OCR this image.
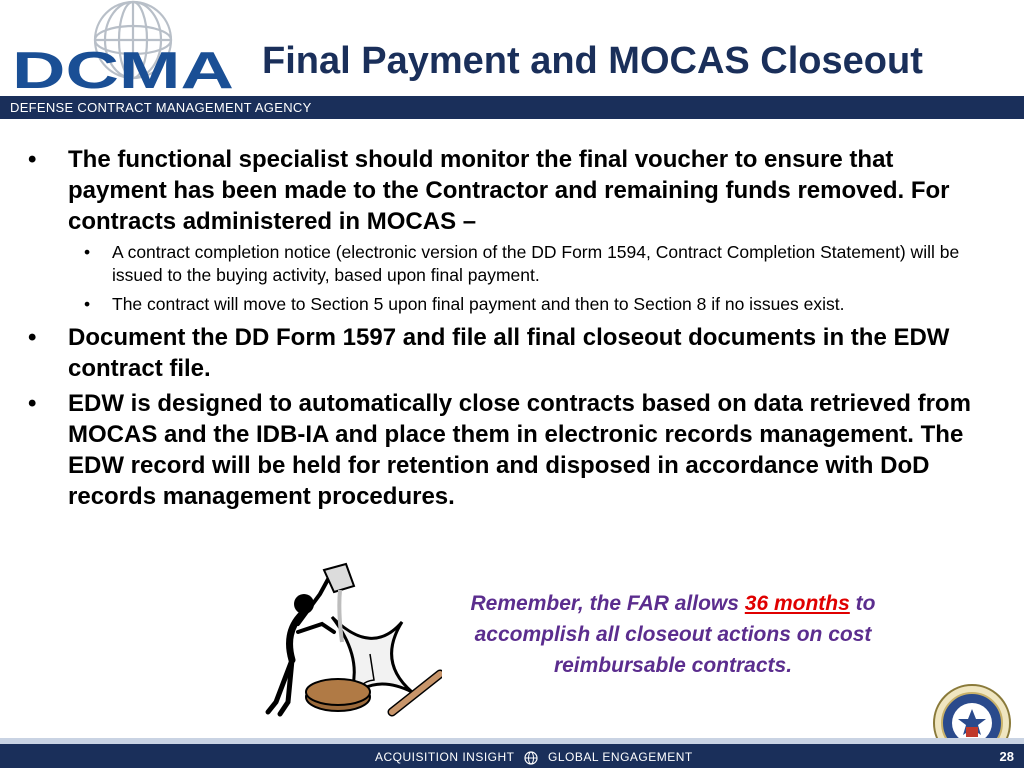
DCMA Final Payment and MOCAS Closeout
DEFENSE CONTRACT MANAGEMENT AGENCY
• The functional specialist should monitor the final voucher to ensure that payment has been made to the Contractor and remaining funds removed. For contracts administered in MOCAS –
• A contract completion notice (electronic version of the DD Form 1594, Contract Completion Statement) will be issued to the buying activity, based upon final payment.
• The contract will move to Section 5 upon final payment and then to Section 8 if no issues exist.
• Document the DD Form 1597 and file all final closeout documents in the EDW contract file.
• EDW is designed to automatically close contracts based on data retrieved from MOCAS and the IDB-IA and place them in electronic records management. The EDW record will be held for retention and disposed in accordance with DoD records management procedures.
Remember, the FAR allows 36 months to accomplish all closeout actions on cost reimbursable contracts.
ACQUISITION INSIGHT	GLOBAL ENGAGEMENT	28
